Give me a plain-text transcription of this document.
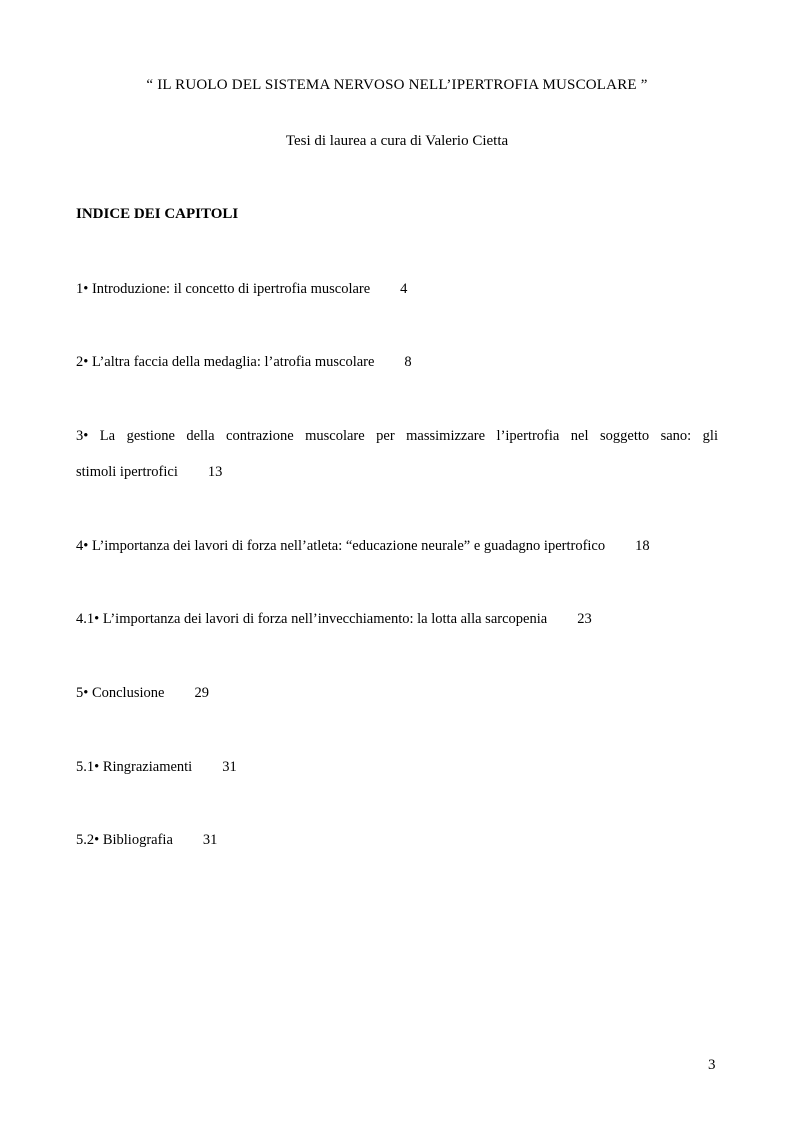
“ IL RUOLO DEL SISTEMA NERVOSO NELL’IPERTROFIA MUSCOLARE ”
Tesi di laurea a cura di Valerio Cietta
INDICE DEI CAPITOLI
1• Introduzione: il concetto di ipertrofia muscolare 4
2• L’altra faccia della medaglia: l’atrofia muscolare 8
3• La gestione della contrazione muscolare per massimizzare l’ipertrofia nel soggetto sano: gli
stimoli ipertrofici 13
4• L’importanza dei lavori di forza nell’atleta: “educazione neurale” e guadagno ipertrofico 18
4.1• L’importanza dei lavori di forza nell’invecchiamento: la lotta alla sarcopenia 23
5• Conclusione 29
5.1• Ringraziamenti 31
5.2• Bibliografia 31
3
